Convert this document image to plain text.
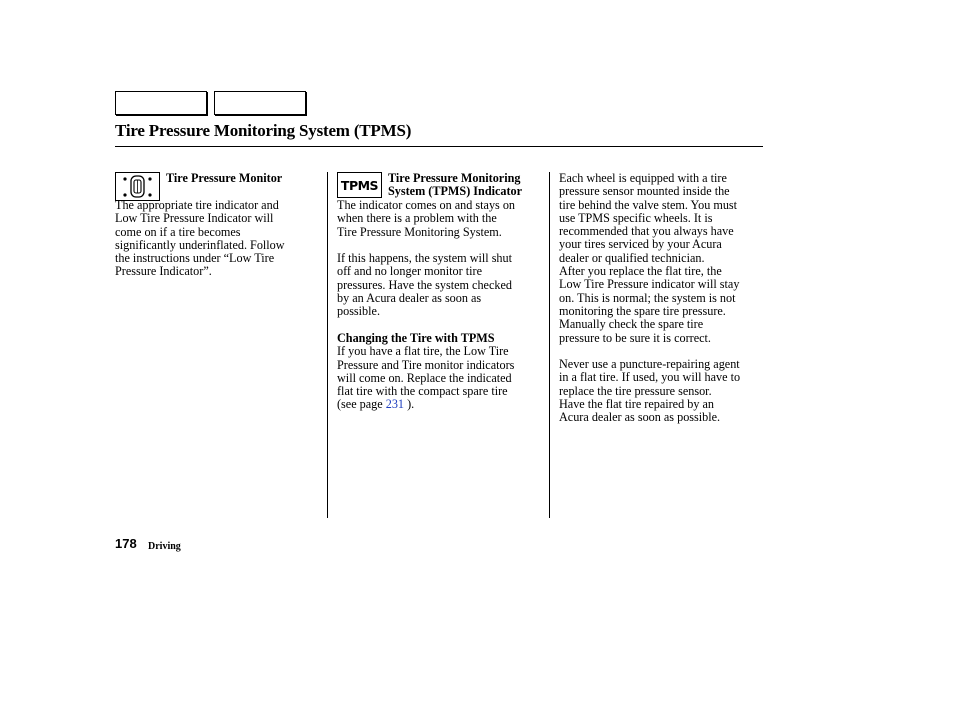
Tire Pressure Monitoring System (TPMS)
Tire Pressure Monitor

The appropriate tire indicator and

Low Tire Pressure Indicator will

come on if a tire becomes

significantly underinflated. Follow

the instructions under “Low Tire

Pressure Indicator”.

TPMS Tire Pressure Monitoring

System (TPMS) Indicator

The indicator comes on and stays on

when there is a problem with the

Tire Pressure Monitoring System.

If this happens, the system will shut

off and no longer monitor tire

pressures. Have the system checked

by an Acura dealer as soon as

possible.

Changing the Tire with TPMS

If you have a flat tire, the Low Tire

Pressure and Tire monitor indicators

will come on. Replace the indicated

flat tire with the compact spare tire

(see page 231 ).

Each wheel is equipped with a tire

pressure sensor mounted inside the

tire behind the valve stem. You must

use TPMS specific wheels. It is

recommended that you always have

your tires serviced by your Acura

dealer or qualified technician.

After you replace the flat tire, the

Low Tire Pressure indicator will stay

on. This is normal; the system is not

monitoring the spare tire pressure.

Manually check the spare tire

pressure to be sure it is correct.

Never use a puncture-repairing agent

in a flat tire. If used, you will have to

replace the tire pressure sensor.

Have the flat tire repaired by an

Acura dealer as soon as possible.

178 Driving
